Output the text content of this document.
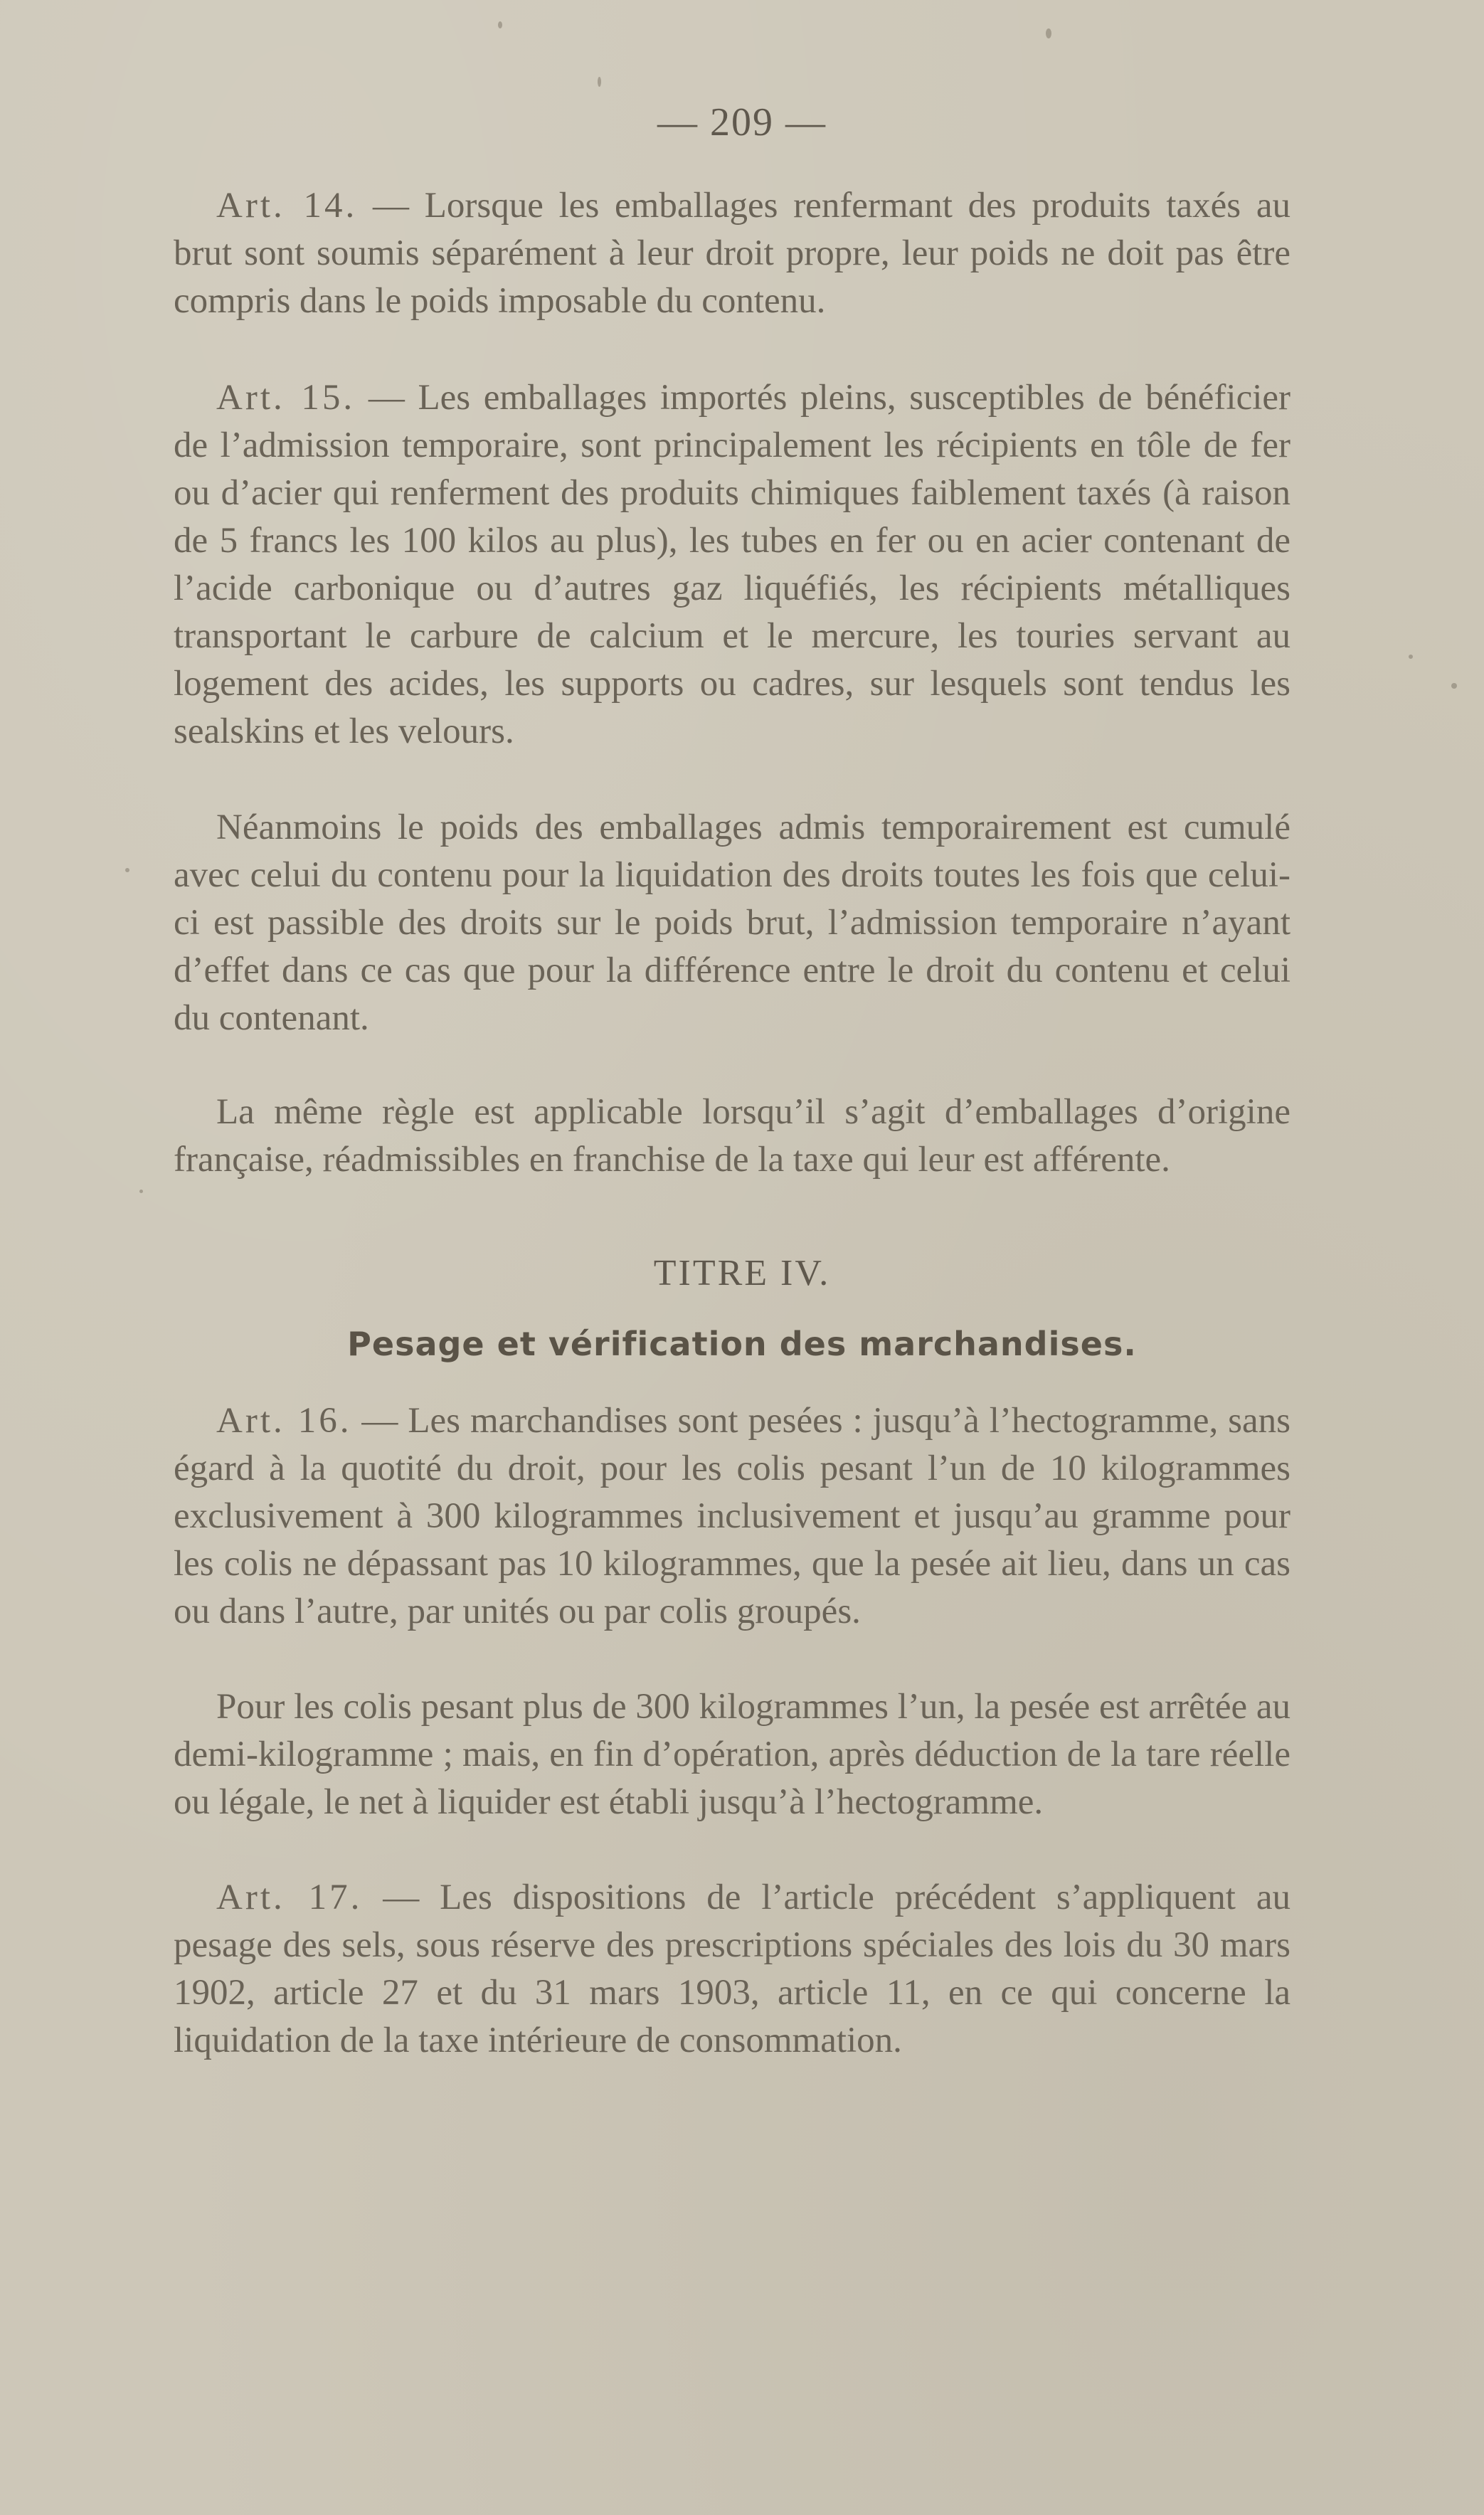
— 209 —

Art. 14. — Lorsque les emballages renfermant des produits taxés au brut sont soumis séparément à leur droit propre, leur poids ne doit pas être compris dans le poids imposable du contenu.

Art. 15. — Les emballages importés pleins, susceptibles de bénéficier de l’admission temporaire, sont principalement les récipients en tôle de fer ou d’acier qui renferment des produits chimiques faiblement taxés (à raison de 5 francs les 100 kilos au plus), les tubes en fer ou en acier contenant de l’acide carbonique ou d’autres gaz liquéfiés, les récipients métalliques transportant le carbure de calcium et le mercure, les touries servant au logement des acides, les supports ou cadres, sur lesquels sont tendus les sealskins et les velours.

Néanmoins le poids des emballages admis temporairement est cumulé avec celui du contenu pour la liquidation des droits toutes les fois que celui-ci est passible des droits sur le poids brut, l’admission temporaire n’ayant d’effet dans ce cas que pour la différence entre le droit du contenu et celui du contenant.

La même règle est applicable lorsqu’il s’agit d’emballages d’origine française, réadmissibles en franchise de la taxe qui leur est afférente.

TITRE IV.
Pesage et vérification des marchandises.

Art. 16. — Les marchandises sont pesées : jusqu’à l’hectogramme, sans égard à la quotité du droit, pour les colis pesant l’un de 10 kilogrammes exclusivement à 300 kilogrammes inclusivement et jusqu’au gramme pour les colis ne dépassant pas 10 kilogrammes, que la pesée ait lieu, dans un cas ou dans l’autre, par unités ou par colis groupés.

Pour les colis pesant plus de 300 kilogrammes l’un, la pesée est arrêtée au demi-kilogramme ; mais, en fin d’opération, après déduction de la tare réelle ou légale, le net à liquider est établi jusqu’à l’hectogramme.

Art. 17. — Les dispositions de l’article précédent s’appliquent au pesage des sels, sous réserve des prescriptions spéciales des lois du 30 mars 1902, article 27 et du 31 mars 1903, article 11, en ce qui concerne la liquidation de la taxe intérieure de consommation.
